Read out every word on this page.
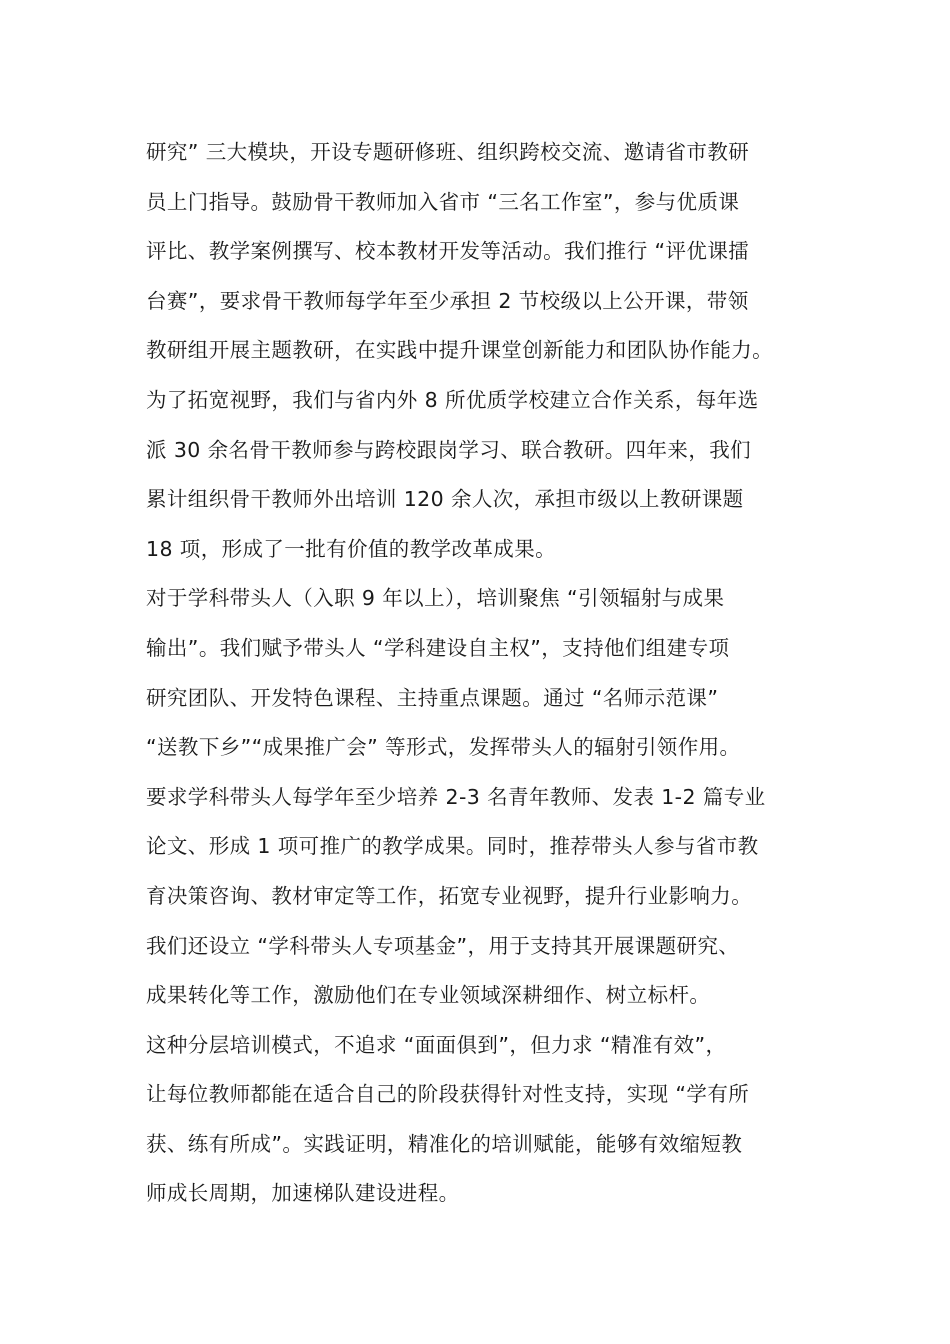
研究” 三大模块，开设专题研修班、组织跨校交流、邀请省市教研
员上门指导。鼓励骨干教师加入省市 “三名工作室”，参与优质课
评比、教学案例撰写、校本教材开发等活动。我们推行 “评优课擂
台赛”，要求骨干教师每学年至少承担 2 节校级以上公开课，带领
教研组开展主题教研，在实践中提升课堂创新能力和团队协作能力。
为了拓宽视野，我们与省内外 8 所优质学校建立合作关系，每年选
派 30 余名骨干教师参与跨校跟岗学习、联合教研。四年来，我们
累计组织骨干教师外出培训 120 余人次，承担市级以上教研课题
18 项，形成了一批有价值的教学改革成果。
对于学科带头人（入职 9 年以上），培训聚焦 “引领辐射与成果
输出”。我们赋予带头人 “学科建设自主权”，支持他们组建专项
研究团队、开发特色课程、主持重点课题。通过 “名师示范课”
“送教下乡”“成果推广会” 等形式，发挥带头人的辐射引领作用。
要求学科带头人每学年至少培养 2-3 名青年教师、发表 1-2 篇专业
论文、形成 1 项可推广的教学成果。同时，推荐带头人参与省市教
育决策咨询、教材审定等工作，拓宽专业视野，提升行业影响力。
我们还设立 “学科带头人专项基金”，用于支持其开展课题研究、
成果转化等工作，激励他们在专业领域深耕细作、树立标杆。
这种分层培训模式，不追求 “面面俱到”，但力求 “精准有效”，
让每位教师都能在适合自己的阶段获得针对性支持，实现 “学有所
获、练有所成”。实践证明，精准化的培训赋能，能够有效缩短教
师成长周期，加速梯队建设进程。
